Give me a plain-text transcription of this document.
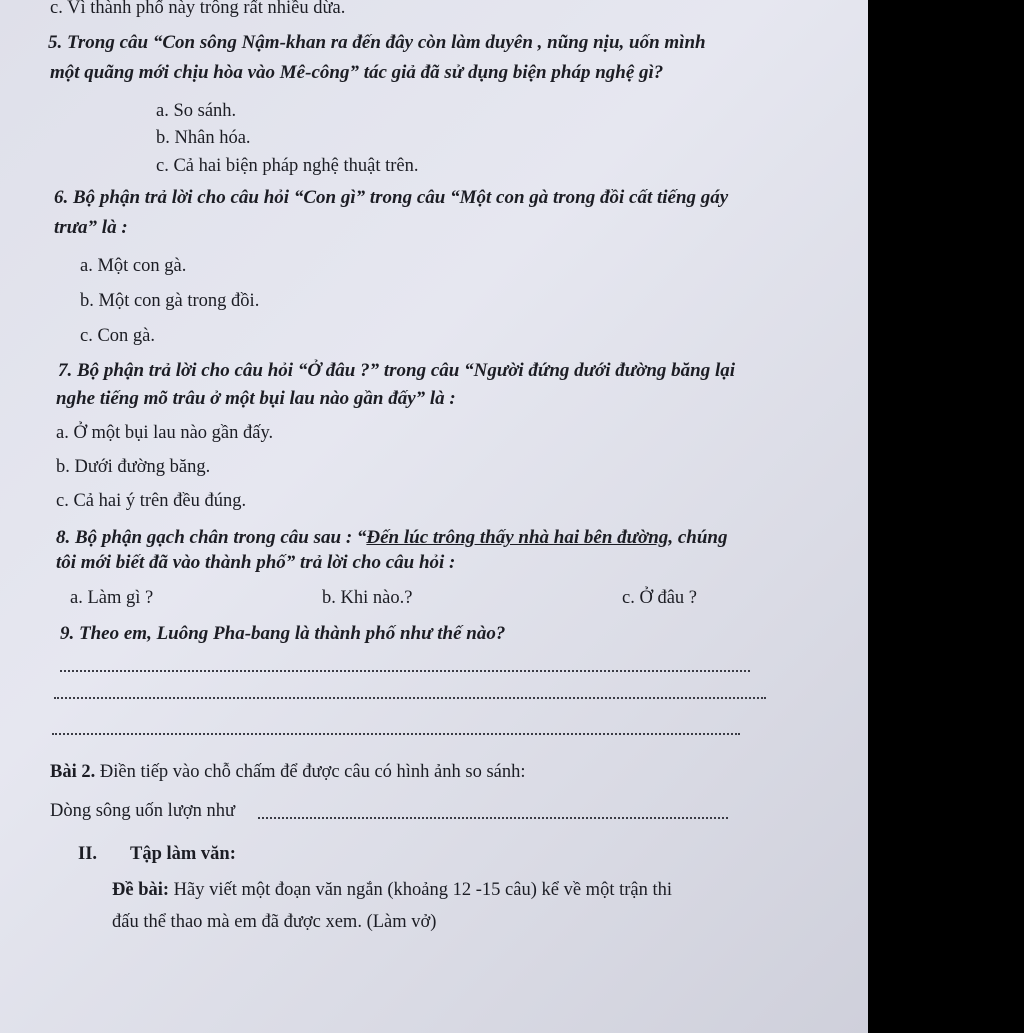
c. Vì thành phố này trông rất nhiều dừa.
5. Trong câu “Con sông Nậm-khan ra đến đây còn làm duyên , nũng nịu, uốn mình
một quãng mới chịu hòa vào Mê-công” tác giả đã sử dụng biện pháp nghệ gì?
a. So sánh.
b. Nhân hóa.
c. Cả hai biện pháp nghệ thuật trên.
6. Bộ phận trả lời cho câu hỏi “Con gì” trong câu “Một con gà trong đồi cất tiếng gáy
trưa” là :
a. Một con gà.
b. Một con gà trong đồi.
c. Con gà.
7. Bộ phận trả lời cho câu hỏi “Ở đâu ?” trong câu “Người đứng dưới đường băng lại
nghe tiếng mõ trâu ở một bụi lau nào gần đấy” là :
a. Ở một bụi lau nào gần đấy.
b. Dưới đường băng.
c. Cả hai ý trên đều đúng.
8. Bộ phận gạch chân trong câu sau : “Đến lúc trông thấy nhà hai bên đường, chúng
tôi mới biết đã vào thành phố” trả lời cho câu hỏi :
a. Làm gì ?	b. Khi nào.?	c. Ở đâu ?
9. Theo em, Luông Pha-bang là thành phố như thế nào?
Bài 2. Điền tiếp vào chỗ chấm để được câu có hình ảnh so sánh:
Dòng sông uốn lượn như
II. Tập làm văn:
Đề bài: Hãy viết một đoạn văn ngắn (khoảng 12 -15 câu) kể về một trận thi
đấu thể thao mà em đã được xem. (Làm vở)
